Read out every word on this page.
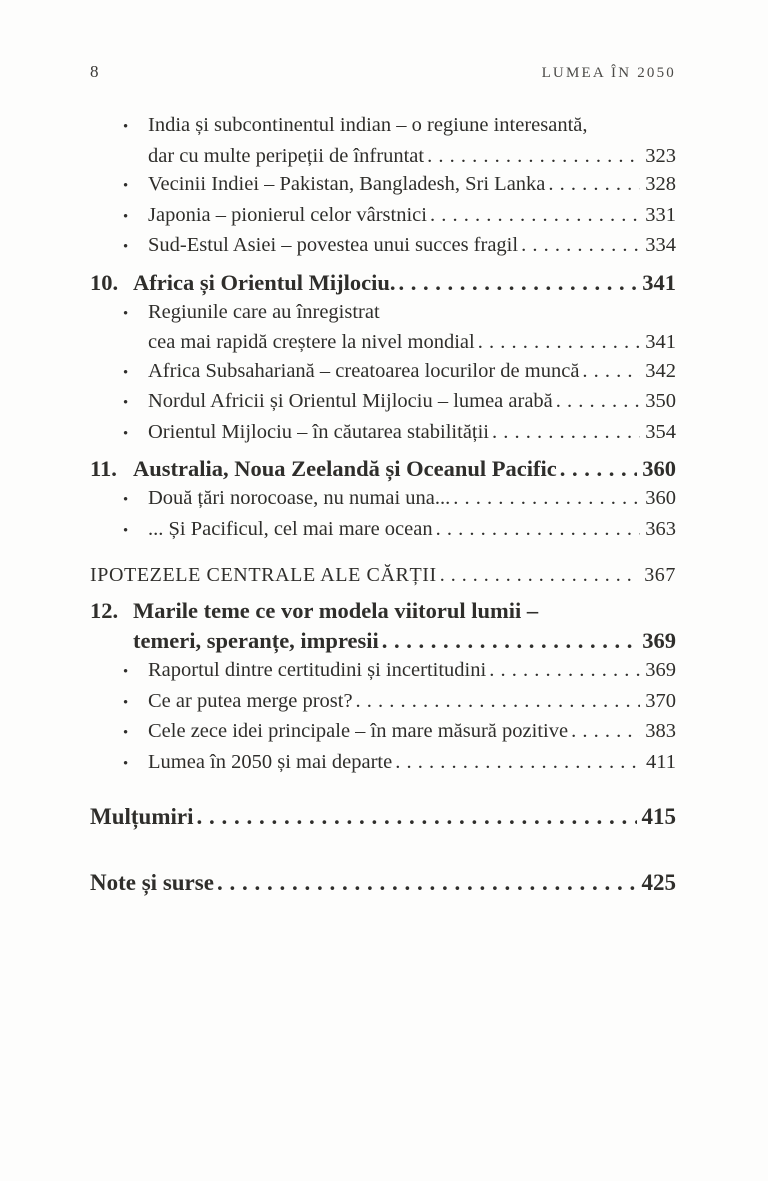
8	LUMEA ÎN 2050
• India și subcontinentul indian – o regiune interesantă,
dar cu multe peripeții de înfruntat . . .	323
• Vecinii Indiei – Pakistan, Bangladesh, Sri Lanka . . .	328
• Japonia – pionierul celor vârstnici . . .	331
• Sud-Estul Asiei – povestea unui succes fragil . . .	334
10. Africa și Orientul Mijlociu. . . .	341
• Regiunile care au înregistrat
cea mai rapidă creștere la nivel mondial . . .	341
• Africa Subsahariană – creatoarea locurilor de muncă . . .	342
• Nordul Africii și Orientul Mijlociu – lumea arabă . . .	350
• Orientul Mijlociu – în căutarea stabilității . . .	354
11. Australia, Noua Zeelandă și Oceanul Pacific . . .	360
• Două țări norocoase, nu numai una... . . .	360
• ... Și Pacificul, cel mai mare ocean . . .	363
IPOTEZELE CENTRALE ALE CĂRȚII . . .	367
12. Marile teme ce vor modela viitorul lumii –
temeri, speranțe, impresii . . .	369
• Raportul dintre certitudini și incertitudini . . .	369
• Ce ar putea merge prost? . . .	370
• Cele zece idei principale – în mare măsură pozitive . . .	383
• Lumea în 2050 și mai departe . . .	411
Mulțumiri . . .	415
Note și surse . . .	425
